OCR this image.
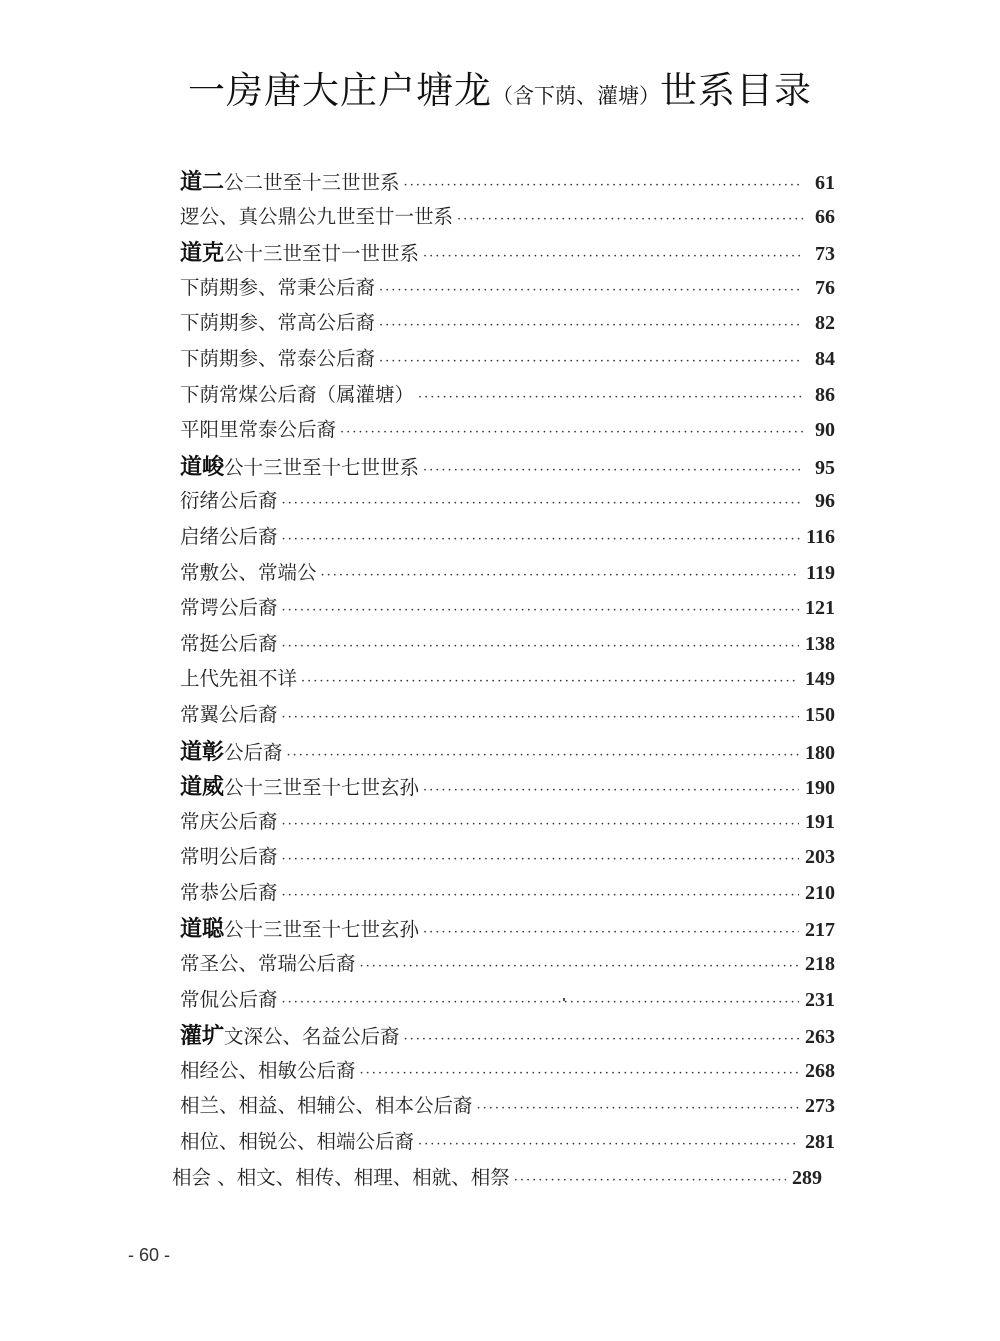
一房唐大庄户塘龙（含下荫、灌塘）世系目录
道二 公二世至十三世世系 ·····	61
逻公、真公鼎公九世至廿一世系 ·····	66
道克 公十三世至廿一世世系 ·····	73
下荫期参、常秉公后裔 ·····	76
下荫期参、常高公后裔 ·····	82
下荫期参、常泰公后裔 ·····	84
下荫常煤公后裔（属灌塘） ·····	86
平阳里常泰公后裔 ·····	90
道峻 公十三世至十七世世系 ·····	95
衍绪公后裔 ·····	96
启绪公后裔 ·····	116
常敷公、常端公 ·····	119
常谔公后裔 ·····	121
常挺公后裔 ·····	138
上代先祖不详 ·····	149
常翼公后裔 ·····	150
道彰 公后裔 ·····	180
道威 公十三世至十七世玄孙 ·····	190
常庆公后裔 ·····	191
常明公后裔 ·····	203
常恭公后裔 ·····	210
道聪 公十三世至十七世玄孙 ·····	217
常圣公、常瑞公后裔 ·····	218
常侃公后裔 ·····	231
灌圹 文深公、名益公后裔 ·····	263
相经公、相敏公后裔 ·····	268
相兰、相益、相辅公、相本公后裔 ·····	273
相位、相锐公、相端公后裔 ·····	281
相会 、相文、相传、相理、相就、相祭 ·····	289
- 60 -
